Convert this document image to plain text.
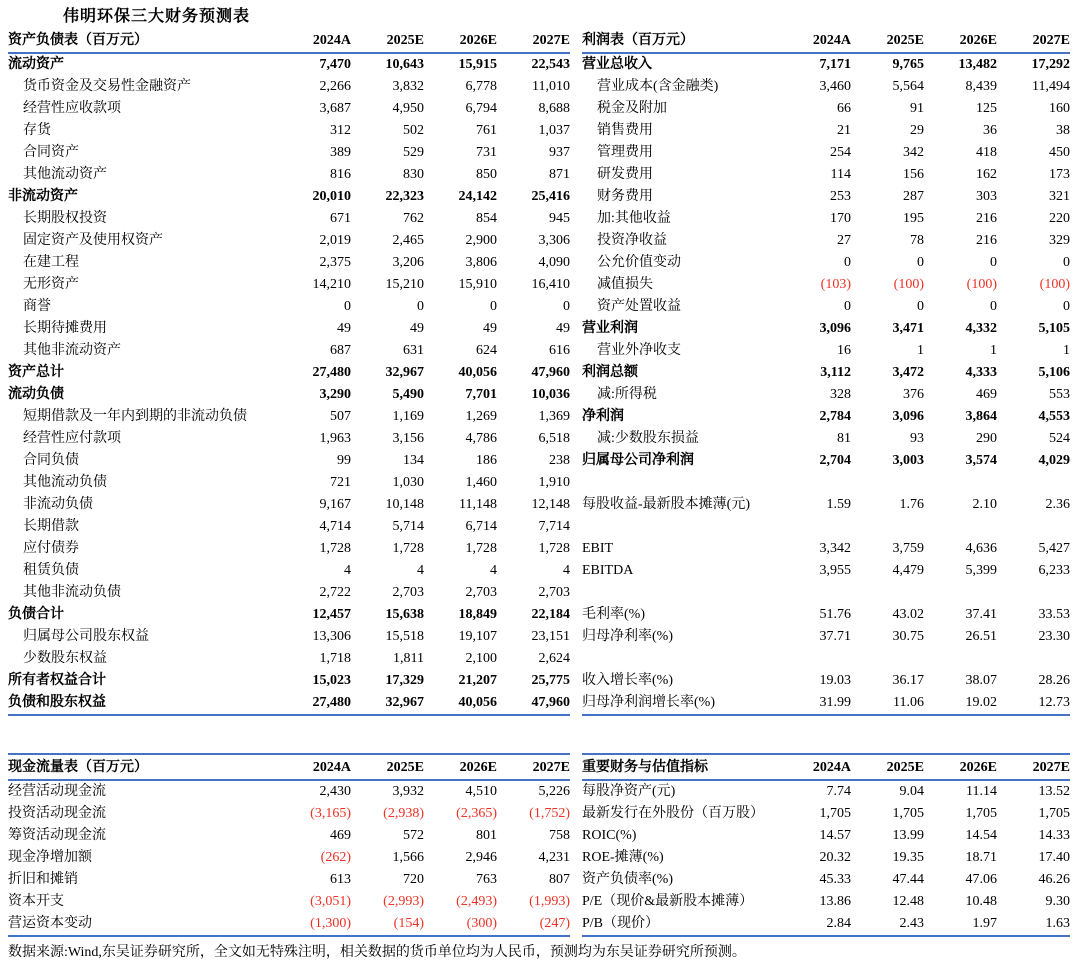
伟明环保三大财务预测表
资产负债表（百万元）	2024A	2025E	2026E	2027E
流动资产	7,470	10,643	15,915	22,543
货币资金及交易性金融资产	2,266	3,832	6,778	11,010
经营性应收款项	3,687	4,950	6,794	8,688
存货	312	502	761	1,037
合同资产	389	529	731	937
其他流动资产	816	830	850	871
非流动资产	20,010	22,323	24,142	25,416
长期股权投资	671	762	854	945
固定资产及使用权资产	2,019	2,465	2,900	3,306
在建工程	2,375	3,206	3,806	4,090
无形资产	14,210	15,210	15,910	16,410
商誉	0	0	0	0
长期待摊费用	49	49	49	49
其他非流动资产	687	631	624	616
资产总计	27,480	32,967	40,056	47,960
流动负债	3,290	5,490	7,701	10,036
短期借款及一年内到期的非流动负债	507	1,169	1,269	1,369
经营性应付款项	1,963	3,156	4,786	6,518
合同负债	99	134	186	238
其他流动负债	721	1,030	1,460	1,910
非流动负债	9,167	10,148	11,148	12,148
长期借款	4,714	5,714	6,714	7,714
应付债券	1,728	1,728	1,728	1,728
租赁负债	4	4	4	4
其他非流动负债	2,722	2,703	2,703	2,703
负债合计	12,457	15,638	18,849	22,184
归属母公司股东权益	13,306	15,518	19,107	23,151
少数股东权益	1,718	1,811	2,100	2,624
所有者权益合计	15,023	17,329	21,207	25,775
负债和股东权益	27,480	32,967	40,056	47,960
利润表（百万元）	2024A	2025E	2026E	2027E
营业总收入	7,171	9,765	13,482	17,292
营业成本(含金融类)	3,460	5,564	8,439	11,494
税金及附加	66	91	125	160
销售费用	21	29	36	38
管理费用	254	342	418	450
研发费用	114	156	162	173
财务费用	253	287	303	321
加:其他收益	170	195	216	220
投资净收益	27	78	216	329
公允价值变动	0	0	0	0
减值损失	(103)	(100)	(100)	(100)
资产处置收益	0	0	0	0
营业利润	3,096	3,471	4,332	5,105
营业外净收支	16	1	1	1
利润总额	3,112	3,472	4,333	5,106
减:所得税	328	376	469	553
净利润	2,784	3,096	3,864	4,553
减:少数股东损益	81	93	290	524
归属母公司净利润	2,704	3,003	3,574	4,029

每股收益-最新股本摊薄(元)	1.59	1.76	2.10	2.36

EBIT	3,342	3,759	4,636	5,427
EBITDA	3,955	4,479	5,399	6,233

毛利率(%)	51.76	43.02	37.41	33.53
归母净利率(%)	37.71	30.75	26.51	23.30

收入增长率(%)	19.03	36.17	38.07	28.26
归母净利润增长率(%)	31.99	11.06	19.02	12.73
现金流量表（百万元）	2024A	2025E	2026E	2027E
经营活动现金流	2,430	3,932	4,510	5,226
投资活动现金流	(3,165)	(2,938)	(2,365)	(1,752)
筹资活动现金流	469	572	801	758
现金净增加额	(262)	1,566	2,946	4,231
折旧和摊销	613	720	763	807
资本开支	(3,051)	(2,993)	(2,493)	(1,993)
营运资本变动	(1,300)	(154)	(300)	(247)
重要财务与估值指标	2024A	2025E	2026E	2027E
每股净资产(元)	7.74	9.04	11.14	13.52
最新发行在外股份（百万股）	1,705	1,705	1,705	1,705
ROIC(%)	14.57	13.99	14.54	14.33
ROE-摊薄(%)	20.32	19.35	18.71	17.40
资产负债率(%)	45.33	47.44	47.06	46.26
P/E（现价&最新股本摊薄）	13.86	12.48	10.48	9.30
P/B（现价）	2.84	2.43	1.97	1.63
数据来源:Wind,东吴证券研究所，全文如无特殊注明，相关数据的货币单位均为人民币，预测均为东吴证券研究所预测。
